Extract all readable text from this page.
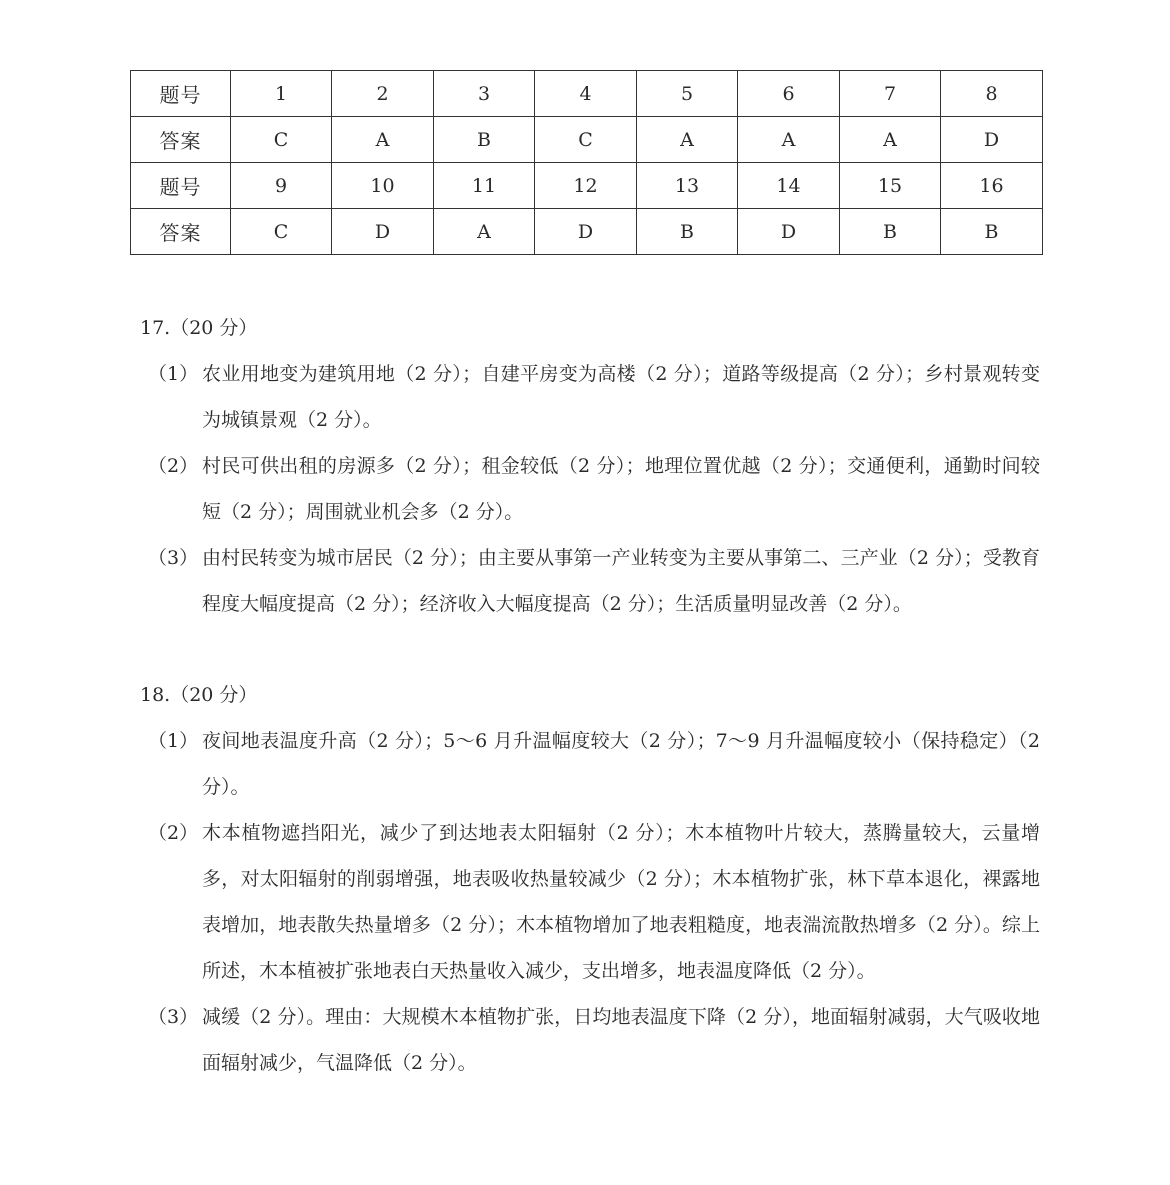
题号	1	2	3	4	5	6	7	8
答案	C	A	B	C	A	A	A	D
题号	9	10	11	12	13	14	15	16
答案	C	D	A	D	B	D	B	B
17.（20 分）
（1） 农业用地变为建筑用地（2 分）；自建平房变为高楼（2 分）；道路等级提高（2 分）；乡村景观转变为城镇景观（2 分）。
（2） 村民可供出租的房源多（2 分）；租金较低（2 分）；地理位置优越（2 分）；交通便利，通勤时间较短（2 分）；周围就业机会多（2 分）。
（3） 由村民转变为城市居民（2 分）；由主要从事第一产业转变为主要从事第二、三产业（2 分）；受教育程度大幅度提高（2 分）；经济收入大幅度提高（2 分）；生活质量明显改善（2 分）。
18.（20 分）
（1） 夜间地表温度升高（2 分）；5～6 月升温幅度较大（2 分）；7～9 月升温幅度较小（保持稳定）（2 分）。
（2） 木本植物遮挡阳光，减少了到达地表太阳辐射（2 分）；木本植物叶片较大，蒸腾量较大，云量增多，对太阳辐射的削弱增强，地表吸收热量较减少（2 分）；木本植物扩张，林下草本退化，裸露地表增加，地表散失热量增多（2 分）；木本植物增加了地表粗糙度，地表湍流散热增多（2 分）。综上所述，木本植被扩张地表白天热量收入减少，支出增多，地表温度降低（2 分）。
（3） 减缓（2 分）。理由：大规模木本植物扩张，日均地表温度下降（2 分），地面辐射减弱，大气吸收地面辐射减少，气温降低（2 分）。
